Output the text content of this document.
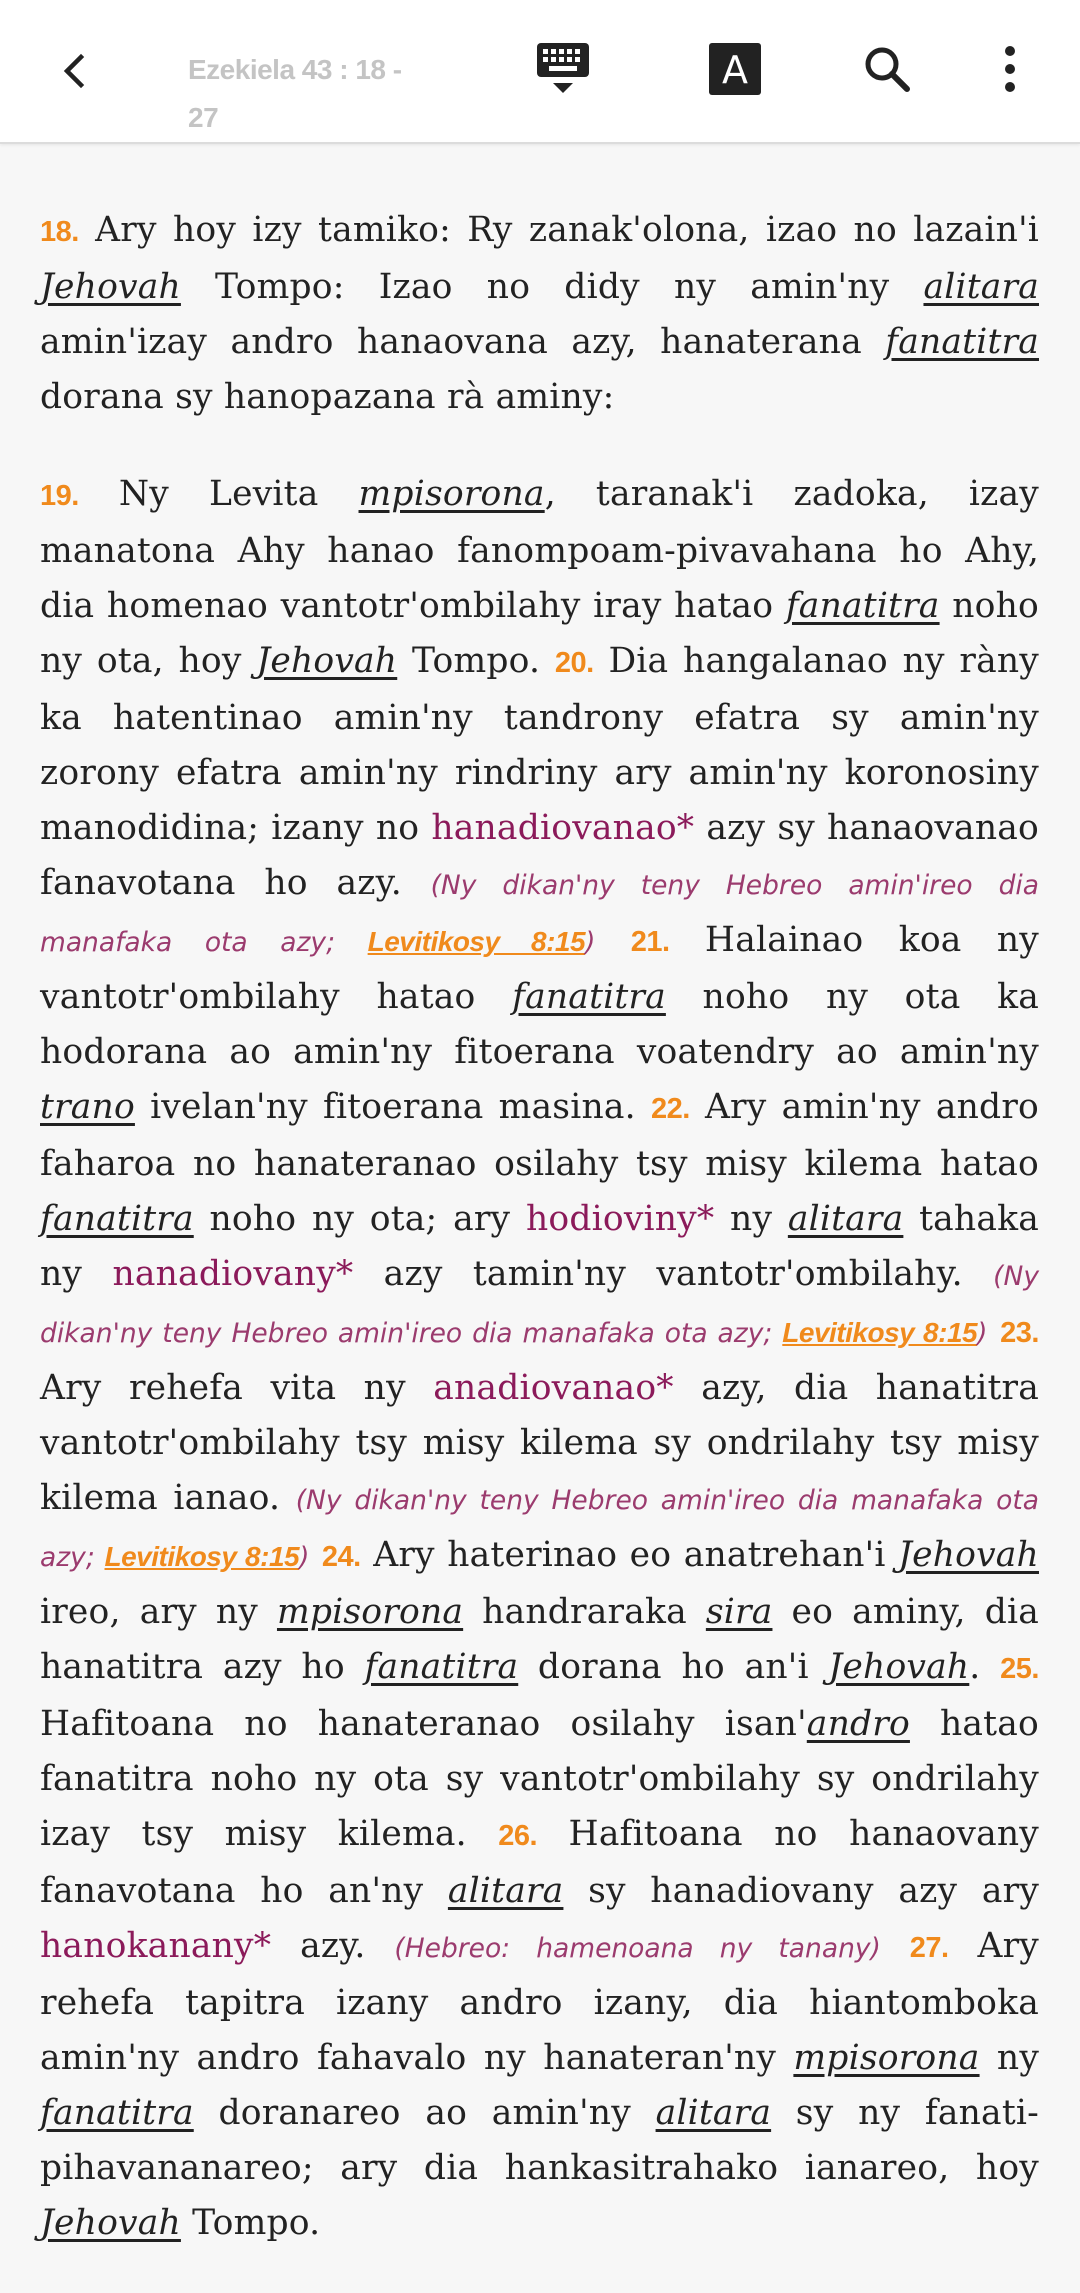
Ezekiela 43 : 18 - 27
A

18. Ary hoy izy tamiko: Ry zanak'olona, izao no lazain'i Jehovah Tompo: Izao no didy ny amin'ny alitara amin'izay andro hanaovana azy, hanaterana fanatitra dorana sy hanopazana rà aminy:

19. Ny Levita mpisorona, taranak'i zadoka, izay manatona Ahy hanao fanompoam-pivavahana ho Ahy, dia homenao vantotr'ombilahy iray hatao fanatitra noho ny ota, hoy Jehovah Tompo. 20. Dia hangalanao ny ràny ka hatentinao amin'ny tandrony efatra sy amin'ny zorony efatra amin'ny rindriny ary amin'ny koronosiny manodidina; izany no hanadiovanao* azy sy hanaovanao fanavotana ho azy. (Ny dikan'ny teny Hebreo amin'ireo dia manafaka ota azy; Levitikosy 8:15) 21. Halainao koa ny vantotr'ombilahy hatao fanatitra noho ny ota ka hodorana ao amin'ny fitoerana voatendry ao amin'ny trano ivelan'ny fitoerana masina. 22. Ary amin'ny andro faharoa no hanateranao osilahy tsy misy kilema hatao fanatitra noho ny ota; ary hodioviny* ny alitara tahaka ny nanadiovany* azy tamin'ny vantotr'ombilahy. (Ny dikan'ny teny Hebreo amin'ireo dia manafaka ota azy; Levitikosy 8:15) 23. Ary rehefa vita ny anadiovanao* azy, dia hanatitra vantotr'ombilahy tsy misy kilema sy ondrilahy tsy misy kilema ianao. (Ny dikan'ny teny Hebreo amin'ireo dia manafaka ota azy; Levitikosy 8:15) 24. Ary haterinao eo anatrehan'i Jehovah ireo, ary ny mpisorona handraraka sira eo aminy, dia hanatitra azy ho fanatitra dorana ho an'i Jehovah. 25. Hafitoana no hanateranao osilahy isan'andro hatao fanatitra noho ny ota sy vantotr'ombilahy sy ondrilahy izay tsy misy kilema. 26. Hafitoana no hanaovany fanavotana ho an'ny alitara sy hanadiovany azy ary hanokanany* azy. (Hebreo: hamenoana ny tanany) 27. Ary rehefa tapitra izany andro izany, dia hiantomboka amin'ny andro fahavalo ny hanateran'ny mpisorona ny fanatitra doranareo ao amin'ny alitara sy ny fanati-pihavananareo; ary dia hankasitrahako ianareo, hoy Jehovah Tompo.
